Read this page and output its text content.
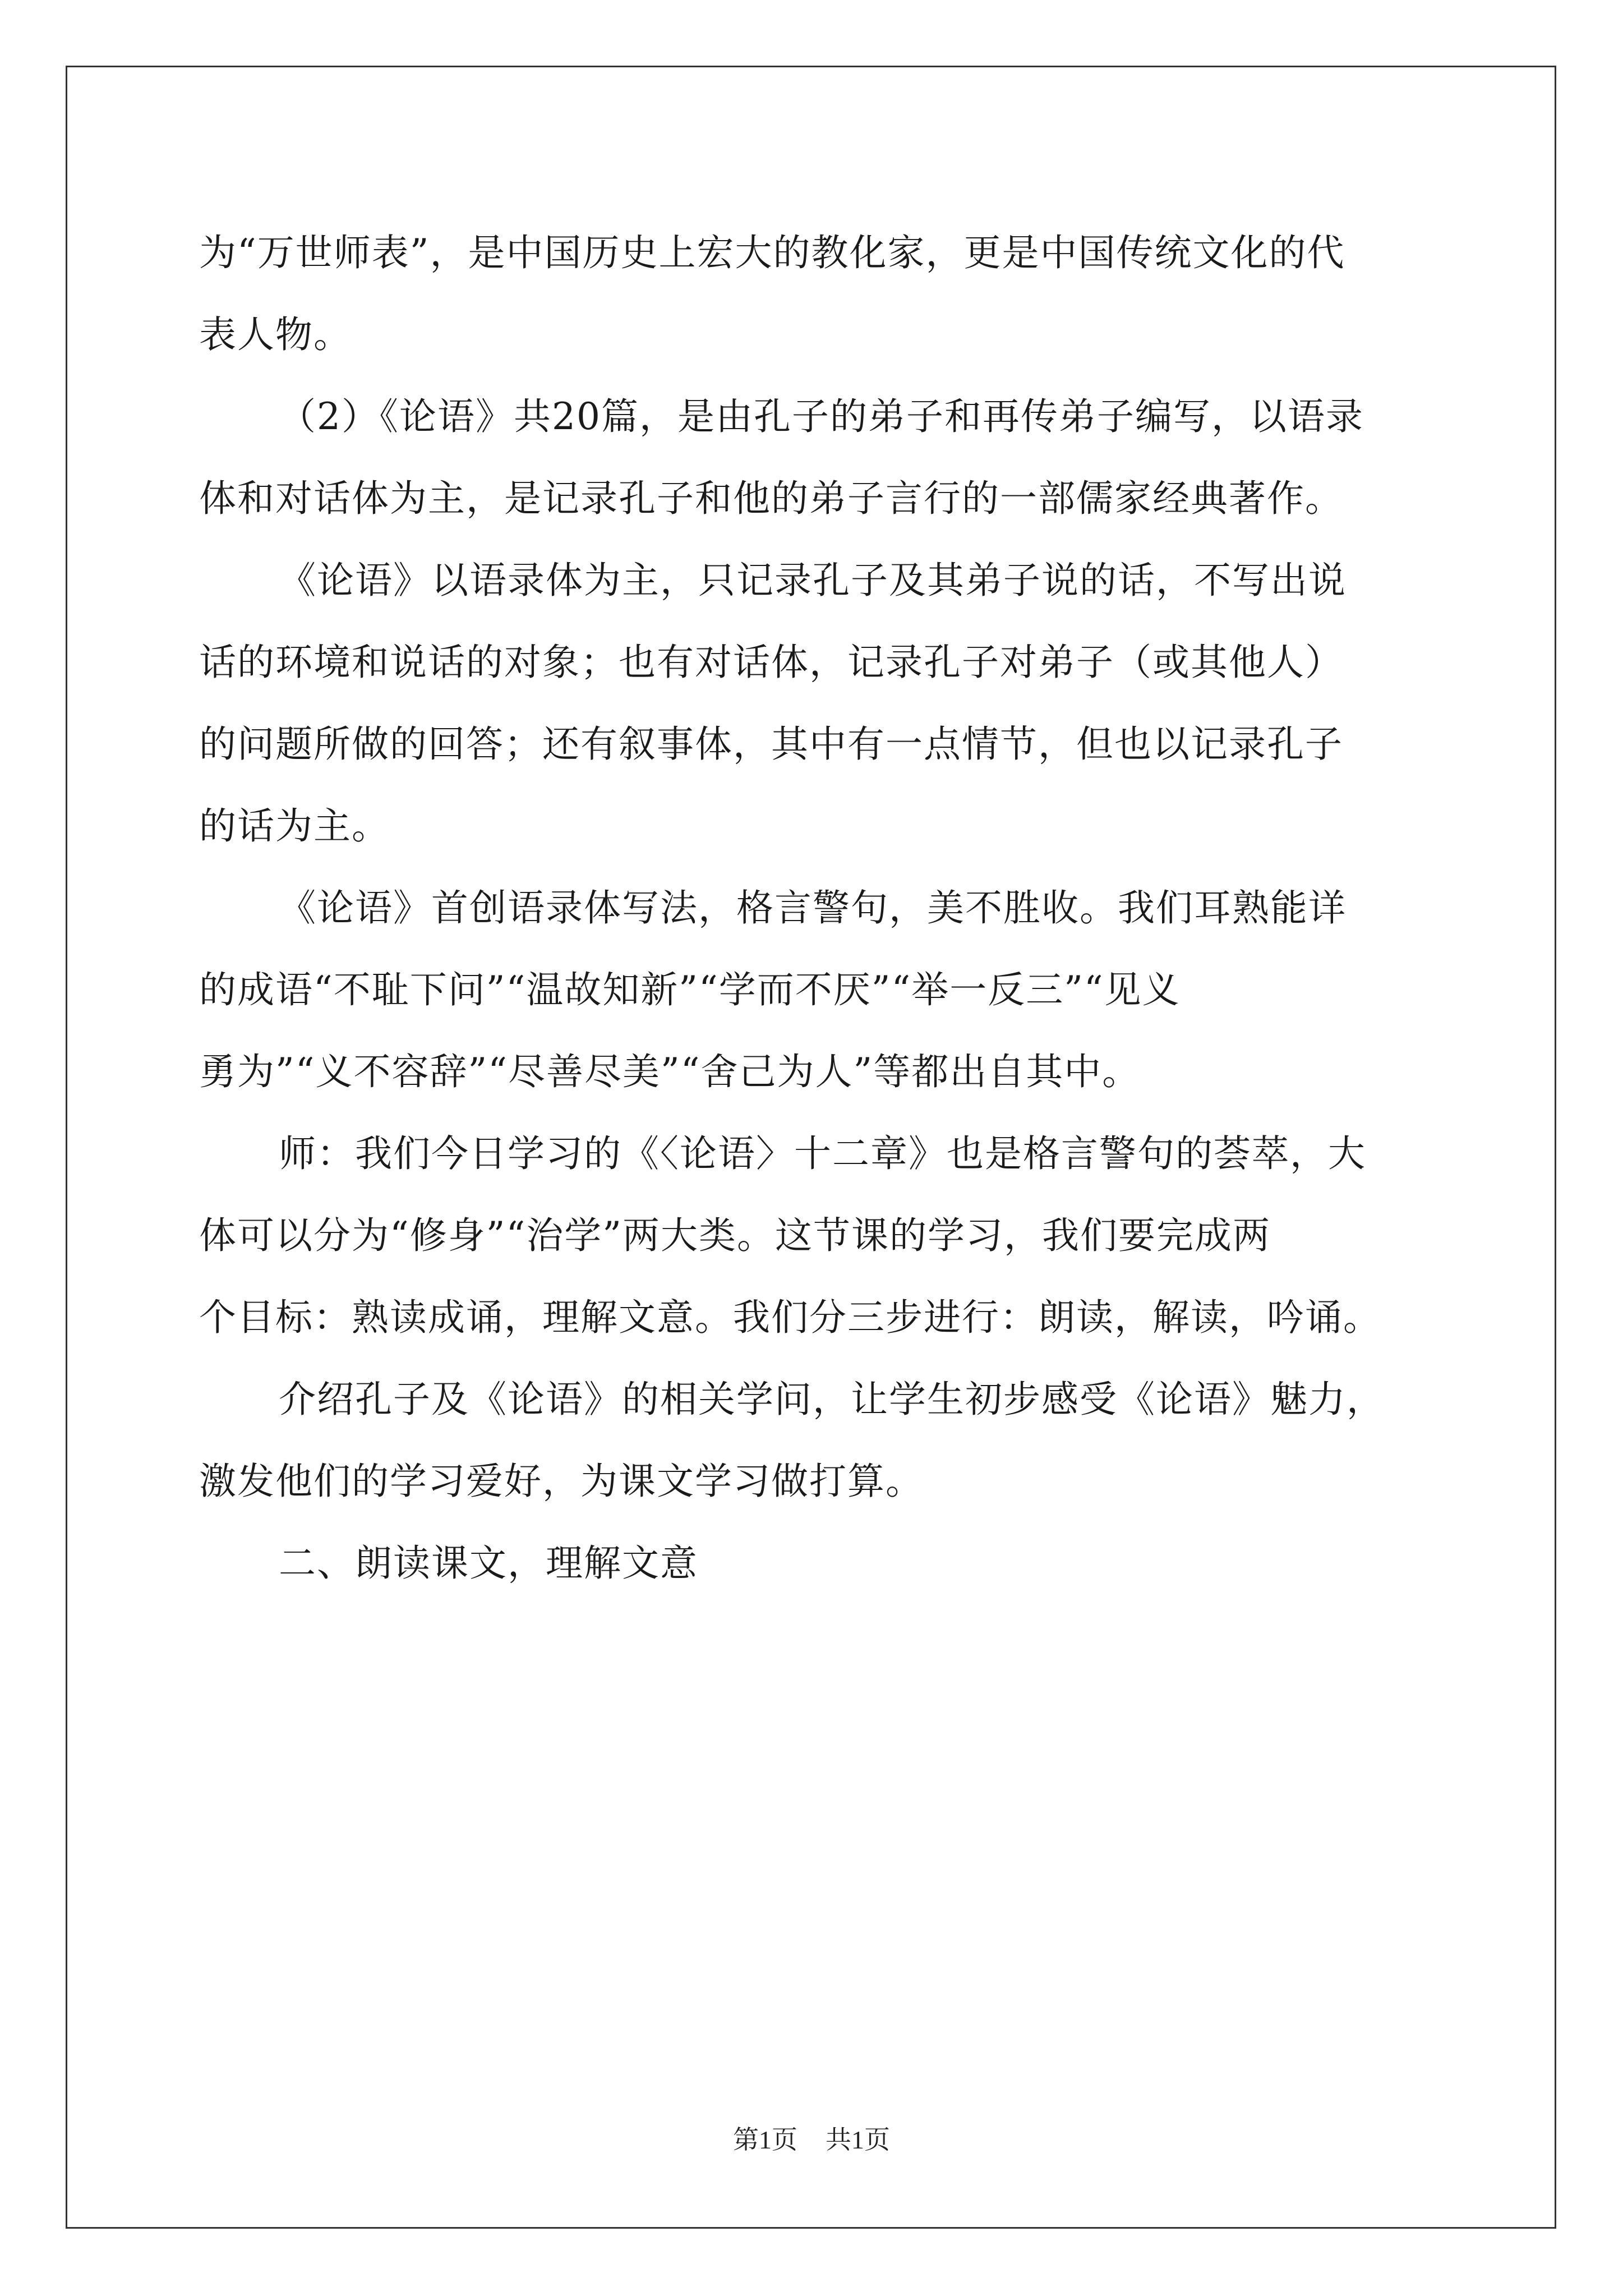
为“万世师表”，是中国历史上宏大的教化家，更是中国传统文化的代
表人物。
（2）《论语》共20篇，是由孔子的弟子和再传弟子编写，以语录
体和对话体为主，是记录孔子和他的弟子言行的一部儒家经典著作。
《论语》以语录体为主，只记录孔子及其弟子说的话，不写出说
话的环境和说话的对象；也有对话体，记录孔子对弟子（或其他人）
的问题所做的回答；还有叙事体，其中有一点情节，但也以记录孔子
的话为主。
《论语》首创语录体写法，格言警句，美不胜收。我们耳熟能详
的成语“不耻下问”“温故知新”“学而不厌”“举一反三”“见义
勇为”“义不容辞”“尽善尽美”“舍己为人”等都出自其中。
师：我们今日学习的《〈论语〉十二章》也是格言警句的荟萃，大
体可以分为“修身”“治学”两大类。这节课的学习，我们要完成两
个目标：熟读成诵，理解文意。我们分三步进行：朗读，解读，吟诵。
介绍孔子及《论语》的相关学问，让学生初步感受《论语》魅力，
激发他们的学习爱好，为课文学习做打算。
二、朗读课文，理解文意
第1页 共1页
